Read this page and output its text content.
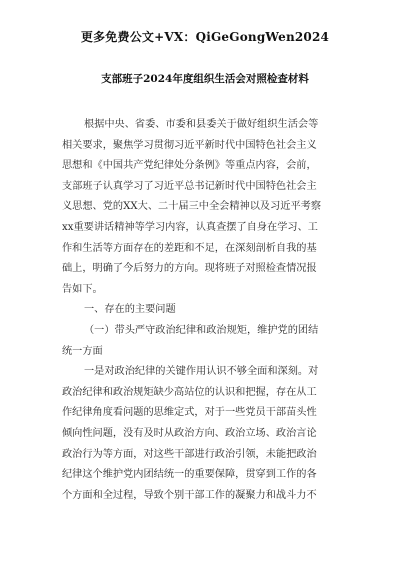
更多免费公文+VX：QiGeGongWen2024
支部班子2024年度组织生活会对照检查材料
根据中央、省委、市委和县委关于做好组织生活会等
相关要求，聚焦学习贯彻习近平新时代中国特色社会主义
思想和《中国共产党纪律处分条例》等重点内容，会前，
支部班子认真学习了习近平总书记新时代中国特色社会主
义思想、党的XX大、二十届三中全会精神以及习近平考察
xx重要讲话精神等学习内容，认真查摆了自身在学习、工
作和生活等方面存在的差距和不足，在深刻剖析自我的基
础上，明确了今后努力的方向。现将班子对照检查情况报
告如下。
一、存在的主要问题
（一）带头严守政治纪律和政治规矩，维护党的团结
统一方面
一是对政治纪律的关键作用认识不够全面和深刻。对
政治纪律和政治规矩缺少高站位的认识和把握，存在从工
作纪律角度看问题的思维定式，对于一些党员干部苗头性
倾向性问题，没有及时从政治方向、政治立场、政治言论
政治行为等方面，对这些干部进行政治引领，未能把政治
纪律这个维护党内团结统一的重要保障，贯穿到工作的各
个方面和全过程，导致个别干部工作的凝聚力和战斗力不
